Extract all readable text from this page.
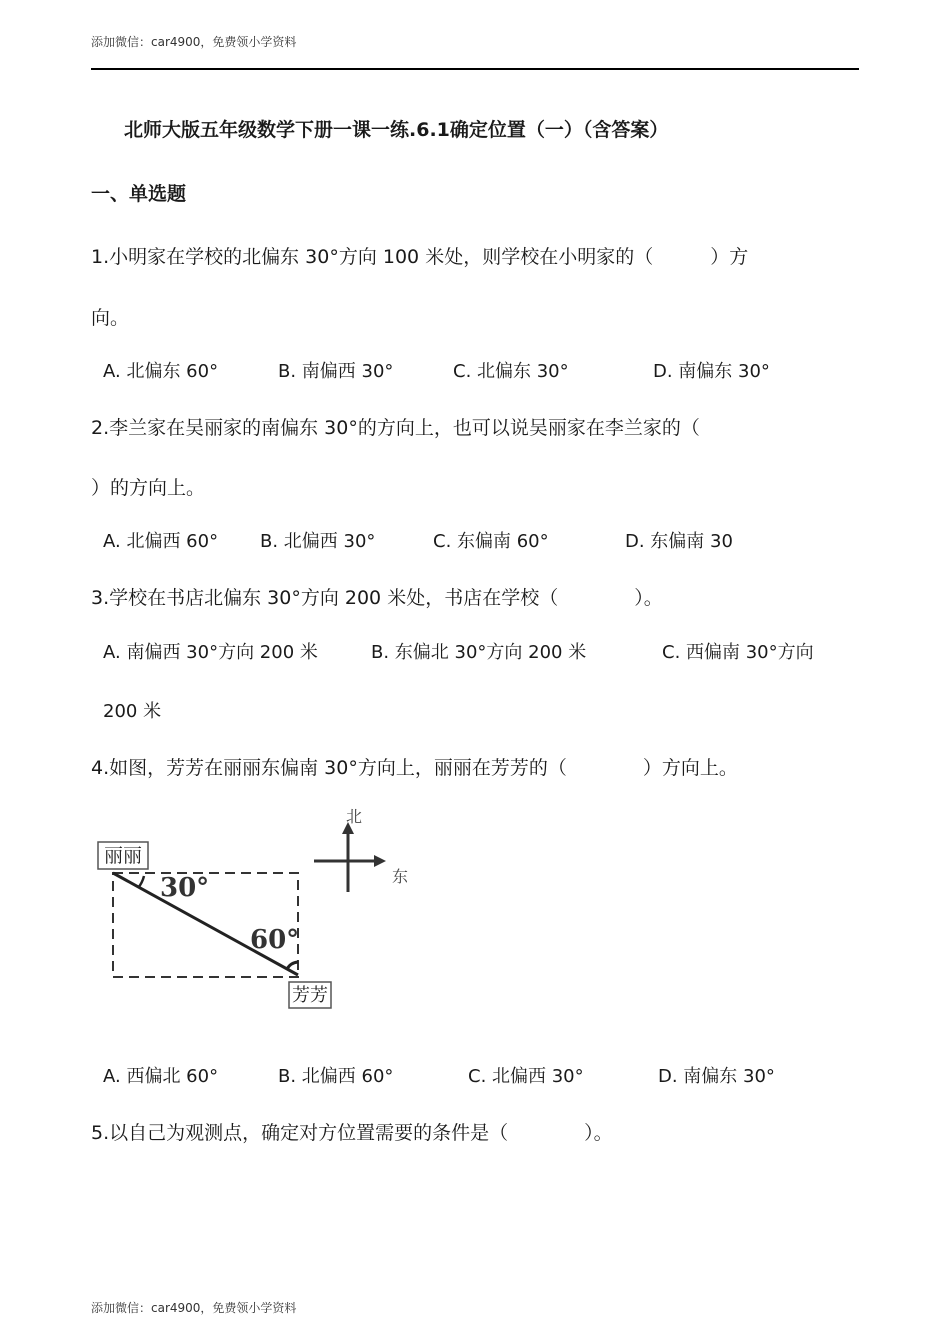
添加微信：car4900，免费领小学资料
北师大版五年级数学下册一课一练.6.1确定位置（一）（含答案）
一、单选题
1.小明家在学校的北偏东 30°方向 100 米处，则学校在小明家的（　　　）方
向。
A. 北偏东 60°	B. 南偏西 30°	C. 北偏东 30°	D. 南偏东 30°
2.李兰家在吴丽家的南偏东 30°的方向上，也可以说吴丽家在李兰家的（
）的方向上。
A. 北偏西 60° B. 北偏西 30°	C. 东偏南 60°	D. 东偏南 30
3.学校在书店北偏东 30°方向 200 米处，书店在学校（　　　　）。
A. 南偏西 30°方向 200 米	B. 东偏北 30°方向 200 米	C. 西偏南 30°方向
200 米
4.如图，芳芳在丽丽东偏南 30°方向上，丽丽在芳芳的（　　　　）方向上。
丽丽
芳芳
30°
60°
北
东
A. 西偏北 60°	B. 北偏西 60°	C. 北偏西 30°	D. 南偏东 30°
5.以自己为观测点，确定对方位置需要的条件是（　　　　）。
添加微信：car4900，免费领小学资料
